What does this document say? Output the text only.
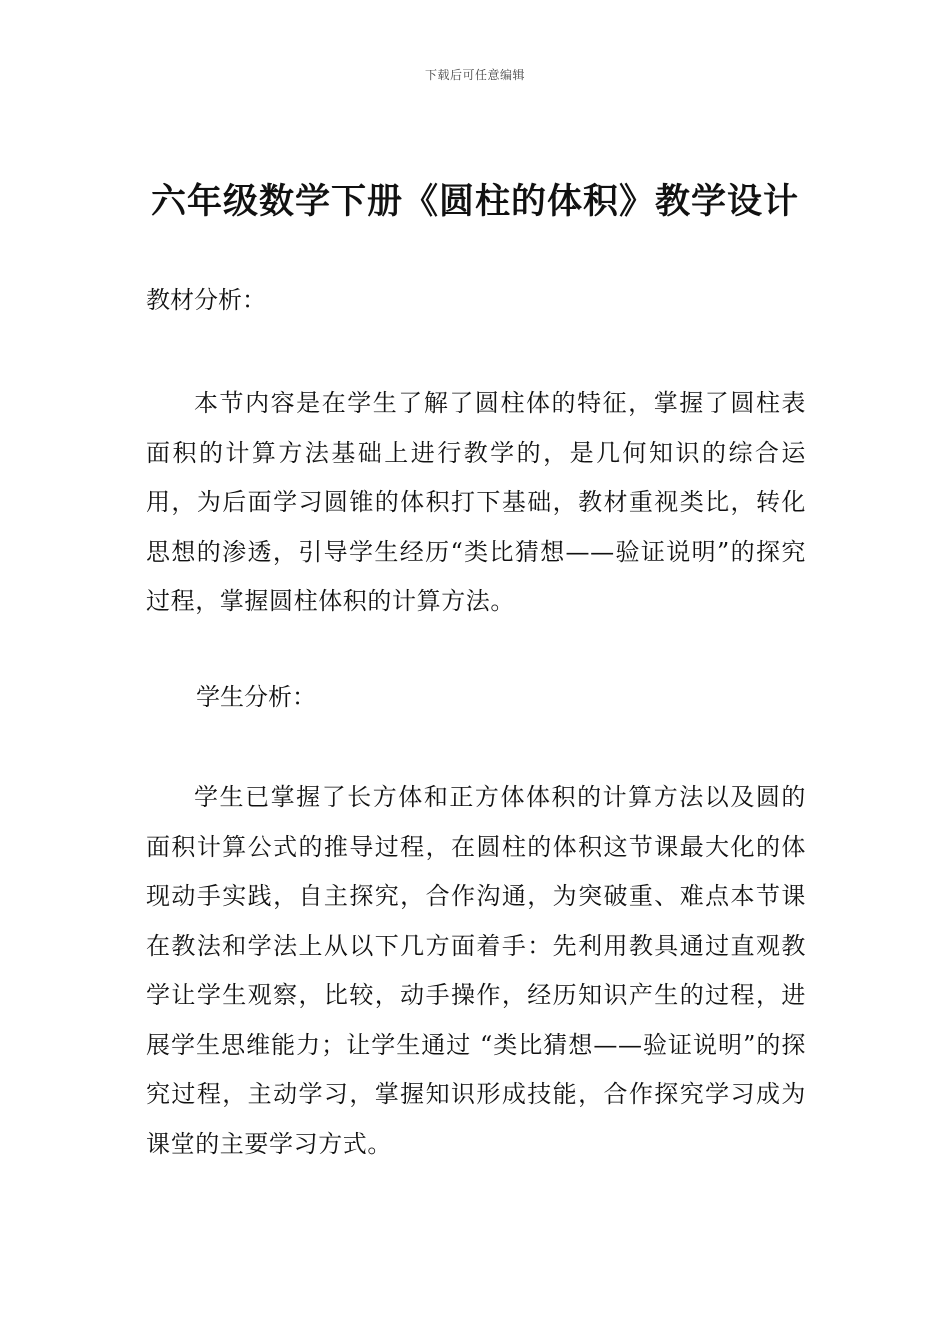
下载后可任意编辑
六年级数学下册《圆柱的体积》教学设计
教材分析：
本节内容是在学生了解了圆柱体的特征，掌握了圆柱表面积的计算方法基础上进行教学的，是几何知识的综合运用，为后面学习圆锥的体积打下基础，教材重视类比，转化思想的渗透，引导学生经历“类比猜想——验证说明”的探究过程，掌握圆柱体积的计算方法。
学生分析：
学生已掌握了长方体和正方体体积的计算方法以及圆的面积计算公式的推导过程，在圆柱的体积这节课最大化的体现动手实践，自主探究，合作沟通，为突破重、难点本节课在教法和学法上从以下几方面着手：先利用教具通过直观教学让学生观察，比较，动手操作，经历知识产生的过程，进展学生思维能力；让学生通过 “类比猜想——验证说明”的探究过程，主动学习，掌握知识形成技能，合作探究学习成为课堂的主要学习方式。
